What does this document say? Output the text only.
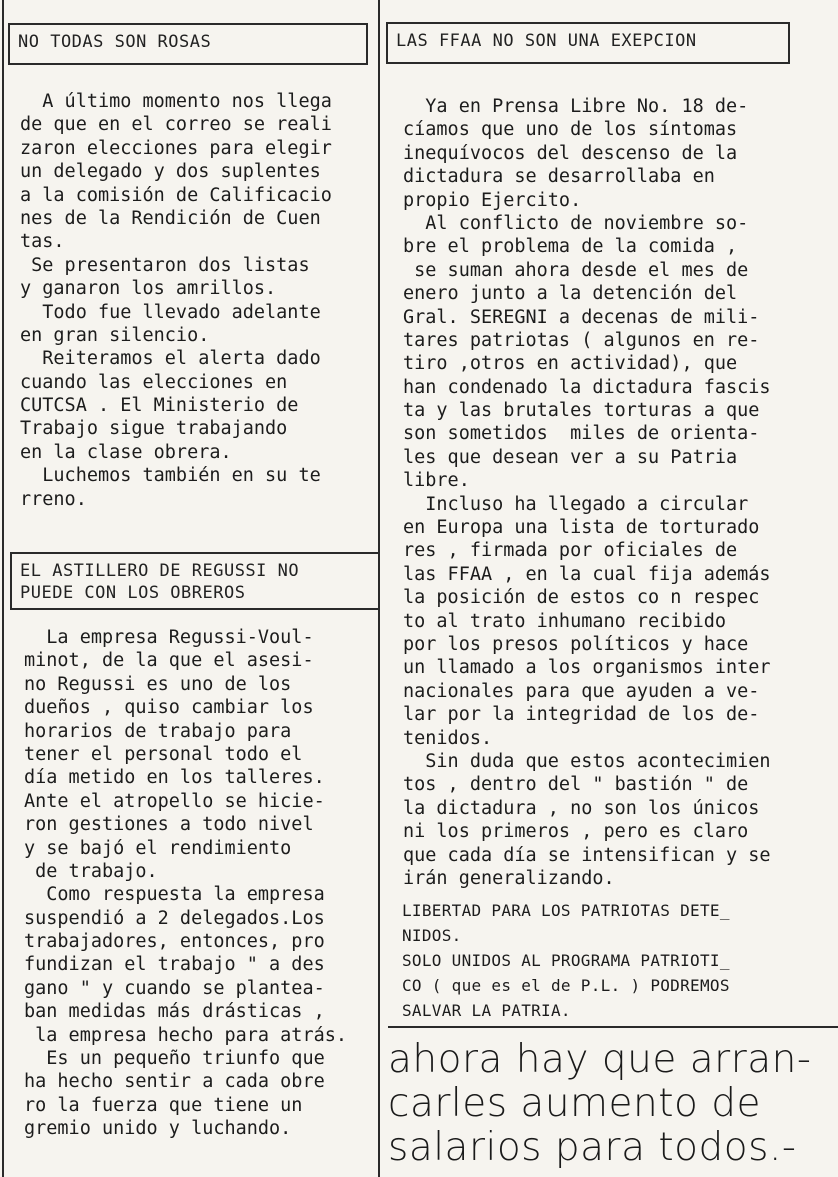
NO TODAS SON ROSAS
A último momento nos llega
de que en el correo se reali
zaron elecciones para elegir
un delegado y dos suplentes
a la comisión de Calificacio
nes de la Rendición de Cuen
tas.
Se presentaron dos listas
y ganaron los amrillos.
Todo fue llevado adelante
en gran silencio.
Reiteramos el alerta dado
cuando las elecciones en
CUTCSA . El Ministerio de
Trabajo sigue trabajando
en la clase obrera.
Luchemos también en su te
rreno.
EL ASTILLERO DE REGUSSI NO
PUEDE CON LOS OBREROS
La empresa Regussi-Voul-
minot, de la que el asesi-
no Regussi es uno de los
dueños , quiso cambiar los
horarios de trabajo para
tener el personal todo el
día metido en los talleres.
Ante el atropello se hicie-
ron gestiones a todo nivel
y se bajó el rendimiento
de trabajo.
Como respuesta la empresa
suspendió a 2 delegados.Los
trabajadores, entonces, pro
fundizan el trabajo " a des
gano " y cuando se plantea-
ban medidas más drásticas ,
la empresa hecho para atrás.
Es un pequeño triunfo que
ha hecho sentir a cada obre
ro la fuerza que tiene un
gremio unido y luchando.
LAS FFAA NO SON UNA EXEPCION
Ya en Prensa Libre No. 18 de-
cíamos que uno de los síntomas
inequívocos del descenso de la
dictadura se desarrollaba en
propio Ejercito.
Al conflicto de noviembre so-
bre el problema de la comida ,
se suman ahora desde el mes de
enero junto a la detención del
Gral. SEREGNI a decenas de mili-
tares patriotas ( algunos en re-
tiro ,otros en actividad), que
han condenado la dictadura fascis
ta y las brutales torturas a que
son sometidos  miles de orienta-
les que desean ver a su Patria
libre.
Incluso ha llegado a circular
en Europa una lista de torturado
res , firmada por oficiales de
las FFAA , en la cual fija además
la posición de estos co n respec
to al trato inhumano recibido
por los presos políticos y hace
un llamado a los organismos inter
nacionales para que ayuden a ve-
lar por la integridad de los de-
tenidos.
Sin duda que estos acontecimien
tos , dentro del " bastión " de
la dictadura , no son los únicos
ni los primeros , pero es claro
que cada día se intensifican y se
irán generalizando.
LIBERTAD PARA LOS PATRIOTAS DETE_
NIDOS.
SOLO UNIDOS AL PROGRAMA PATRIOTI_
CO ( que es el de P.L. ) PODREMOS
SALVAR LA PATRIA.
ahora hay que arran-
carles aumento de
salarios para todos.-
